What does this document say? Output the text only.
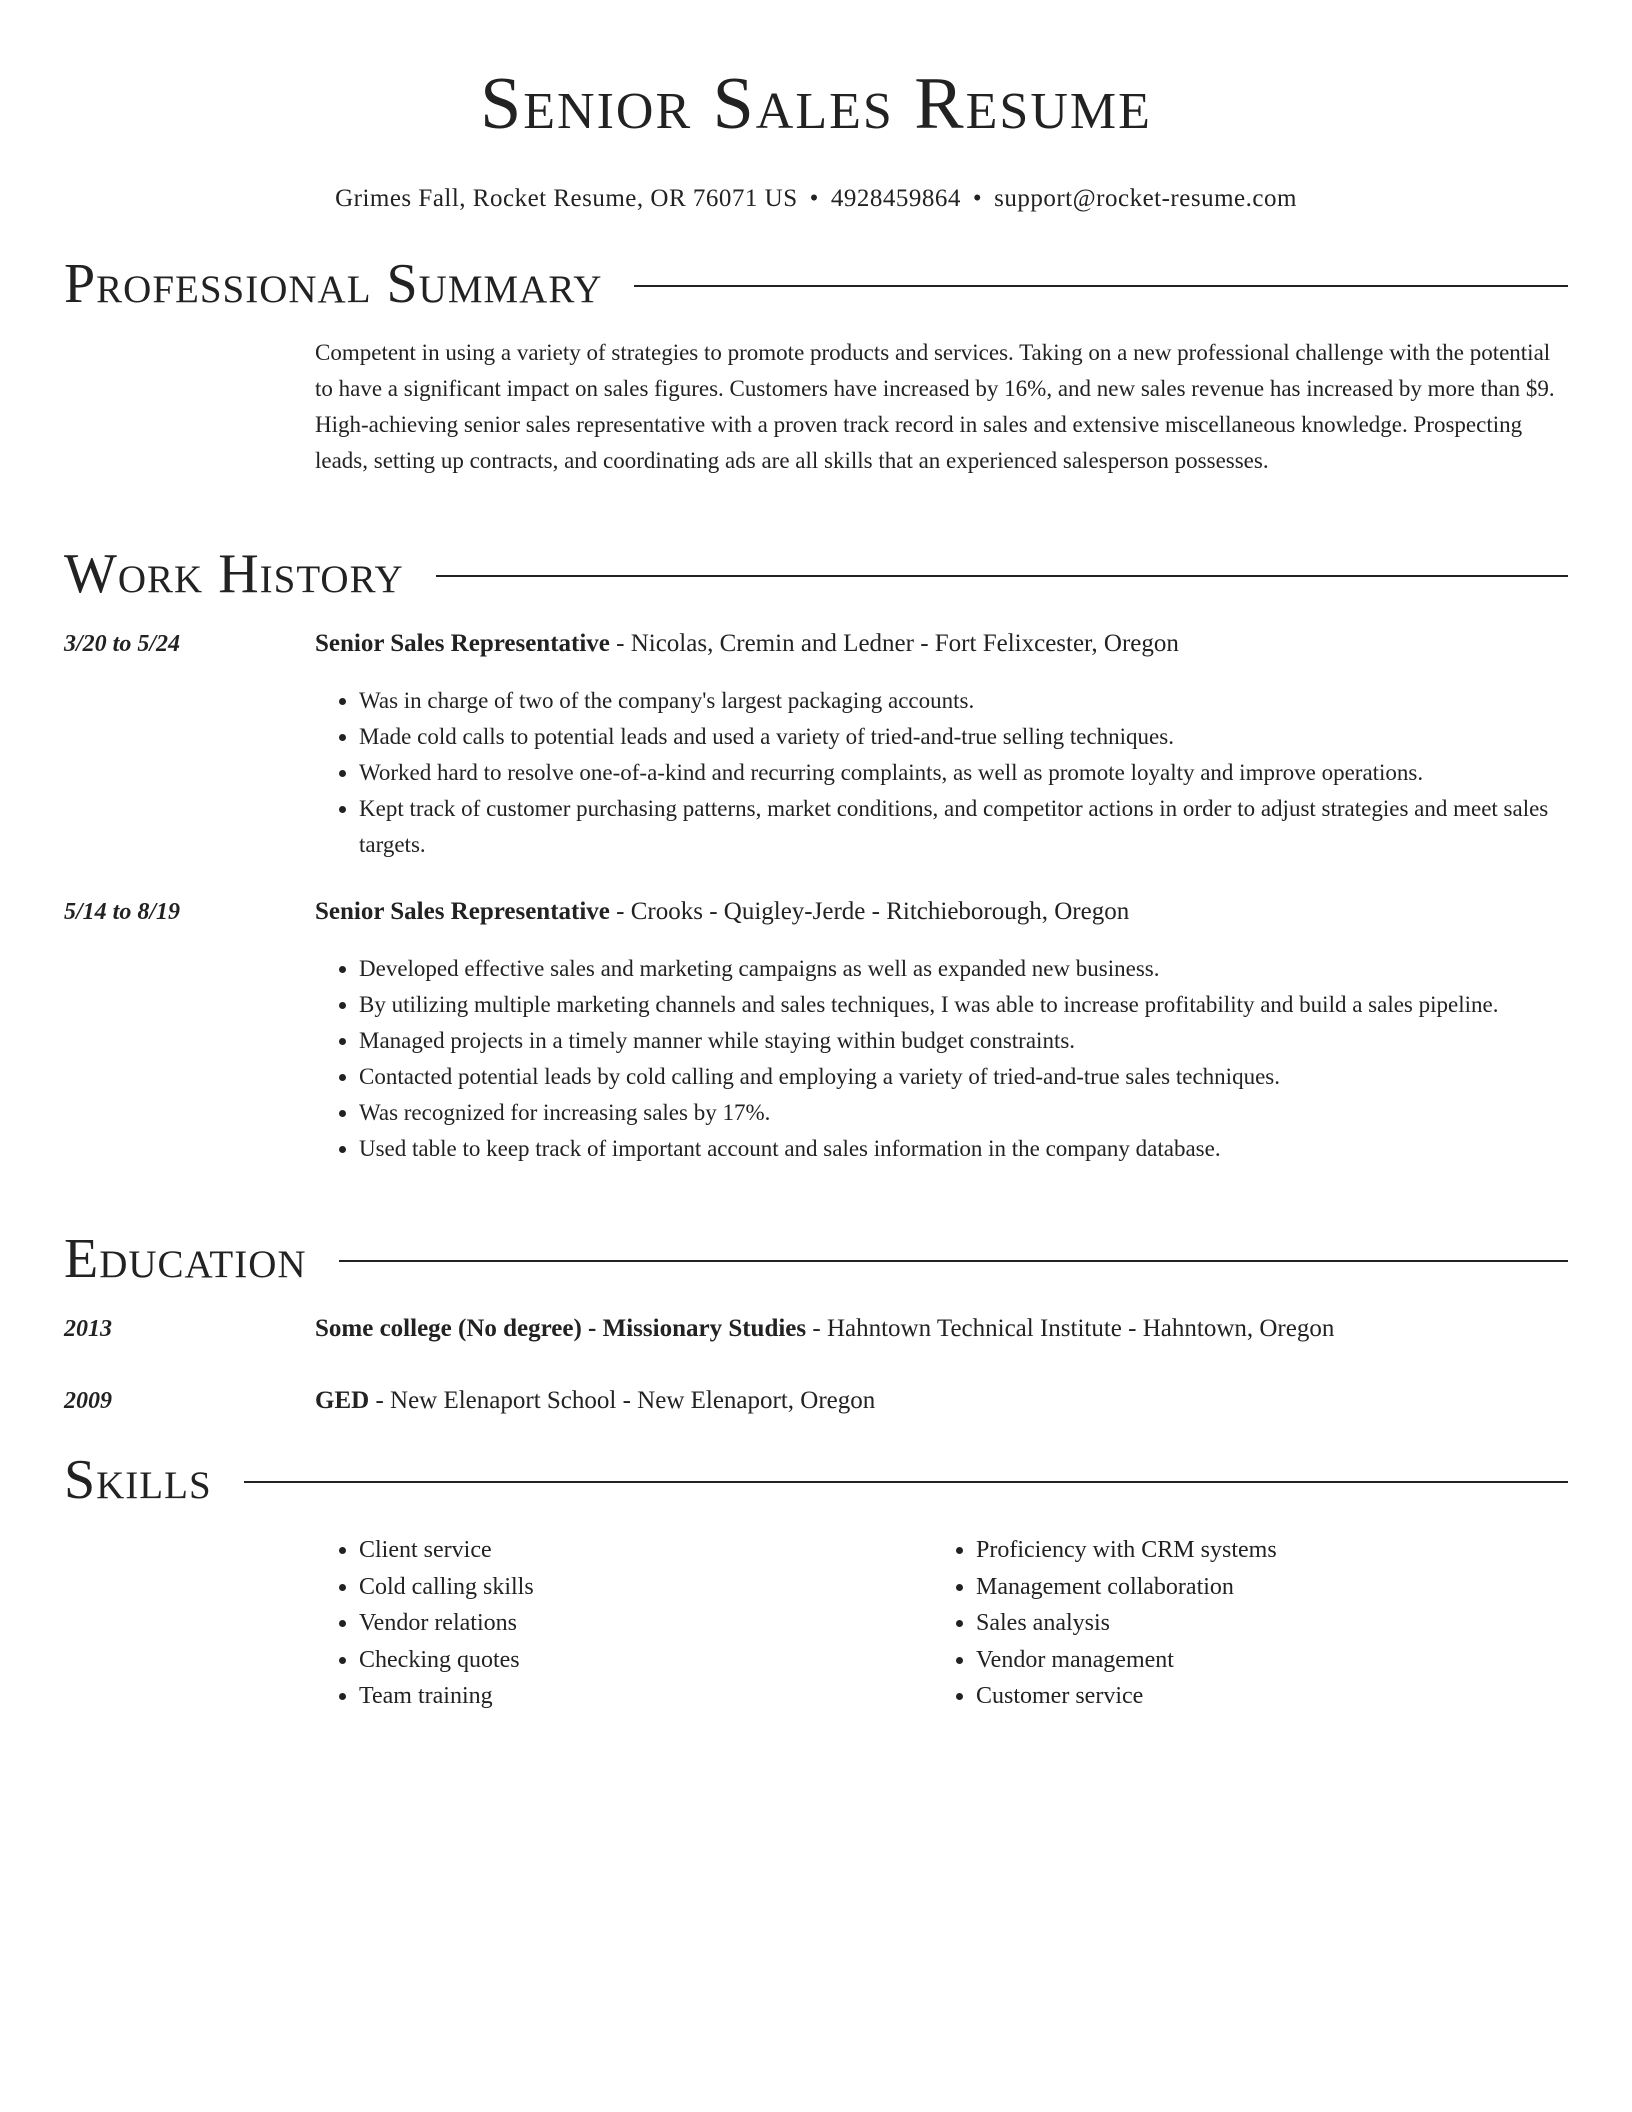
Senior Sales Resume
Grimes Fall, Rocket Resume, OR 76071 US • 4928459864 • support@rocket-resume.com
Professional Summary
Competent in using a variety of strategies to promote products and services. Taking on a new professional challenge with the potential to have a significant impact on sales figures. Customers have increased by 16%, and new sales revenue has increased by more than $9. High-achieving senior sales representative with a proven track record in sales and extensive miscellaneous knowledge. Prospecting leads, setting up contracts, and coordinating ads are all skills that an experienced salesperson possesses.
Work History
3/20 to 5/24	Senior Sales Representative - Nicolas, Cremin and Ledner - Fort Felixcester, Oregon
• Was in charge of two of the company's largest packaging accounts.
• Made cold calls to potential leads and used a variety of tried-and-true selling techniques.
• Worked hard to resolve one-of-a-kind and recurring complaints, as well as promote loyalty and improve operations.
• Kept track of customer purchasing patterns, market conditions, and competitor actions in order to adjust strategies and meet sales targets.
5/14 to 8/19	Senior Sales Representative - Crooks - Quigley-Jerde - Ritchieborough, Oregon
• Developed effective sales and marketing campaigns as well as expanded new business.
• By utilizing multiple marketing channels and sales techniques, I was able to increase profitability and build a sales pipeline.
• Managed projects in a timely manner while staying within budget constraints.
• Contacted potential leads by cold calling and employing a variety of tried-and-true sales techniques.
• Was recognized for increasing sales by 17%.
• Used table to keep track of important account and sales information in the company database.
Education
2013	Some college (No degree) - Missionary Studies - Hahntown Technical Institute - Hahntown, Oregon
2009	GED - New Elenaport School - New Elenaport, Oregon
Skills
• Client service
• Cold calling skills
• Vendor relations
• Checking quotes
• Team training
• Proficiency with CRM systems
• Management collaboration
• Sales analysis
• Vendor management
• Customer service
